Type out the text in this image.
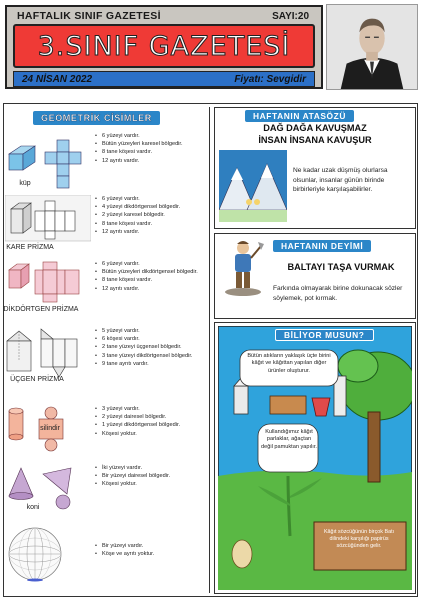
HAFTALIK SINIF GAZETESİ	SAYI:20
3.SINIF GAZETESİ
24 NİSAN 2022	Fiyatı: Sevgidir
GEOMETRİK CİSİMLER
küp
• 6 yüzeyi vardır.
• Bütün yüzeyleri karesel bölgedir.
• 8 tane köşesi vardır.
• 12 ayrıtı vardır.
KARE PRİZMA
• 6 yüzeyi vardır.
• 4 yüzeyi dikdörtgensel bölgedir.
• 2 yüzeyi karesel bölgedir.
• 8 tane köşesi vardır.
• 12 ayrıtı vardır.
DİKDÖRTGEN PRİZMA
• 6 yüzeyi vardır.
• Bütün yüzeyleri dikdörtgensel bölgedir.
• 8 tane köşesi vardır.
• 12 ayrıtı vardır.
ÜÇGEN PRİZMA
• 5 yüzeyi vardır.
• 6 köşesi vardır.
• 2 tane yüzeyi üçgensel bölgedir.
• 3 tane yüzeyi dikdörtgensel bölgedir.
• 9 tane ayrıtı vardır.
silindir
• 3 yüzeyi vardır.
• 2 yüzeyi dairesel bölgedir.
• 1 yüzeyi dikdörtgensel bölgedir.
• Köşesi yoktur.
koni
• İki yüzeyi vardır.
• Bir yüzeyi dairesel bölgedir.
• Köşesi yoktur.
• Bir yüzeyi vardır.
• Köşe ve ayrıtı yoktur.
HAFTANIN ATASÖZÜ
DAĞ DAĞA KAVUŞMAZ
İNSAN İNSANA KAVUŞUR
Ne kadar uzak düşmüş olurlarsa olsunlar, insanlar günün birinde birbirleriyle karşılaşabilirler.
HAFTANIN DEYİMİ
BALTAYI TAŞA VURMAK
Farkında olmayarak birine dokunacak sözler söylemek, pot kırmak.
BİLİYOR MUSUN?
Bütün atıkların yaklaşık üçte birini kâğıt ve kâğıttan yapılan diğer ürünler oluşturur.
Kullandığımız kâğıt parlaklar, ağaçtan değil pamuktan yapılır.
Kâğıt sözcüğünün birçok Batı dilindeki karşılığı papirüs sözcüğünden gelir.
